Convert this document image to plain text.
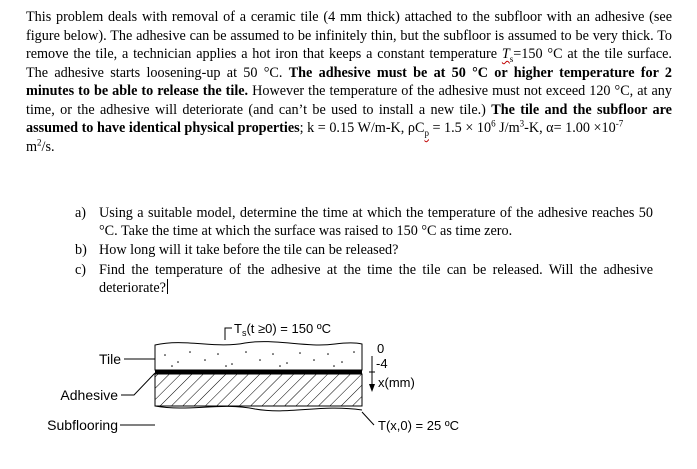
This problem deals with removal of a ceramic tile (4 mm thick) attached to the subfloor with an adhesive (see figure below). The adhesive can be assumed to be infinitely thin, but the subfloor is assumed to be very thick. To remove the tile, a technician applies a hot iron that keeps a constant temperature $T_s=150$ °C at the tile surface. The adhesive starts loosening-up at 50 °C. The adhesive must be at 50 °C or higher temperature for 2 minutes to be able to release the tile. However the temperature of the adhesive must not exceed 120 °C, at any time, or the adhesive will deteriorate (and can’t be used to install a new tile.) The tile and the subfloor are assumed to have identical physical properties; k = 0.15 W/m-K, $\rho C_p = 1.5 \times 10^6$ $J/m^3-K$, $\alpha= 1.00 \times 10^{-7}$
$m^2/s$.
a) Using a suitable model, determine the time at which the temperature of the adhesive reaches 50 °C. Take the time at which the surface was raised to 150 °C as time zero.
b) How long will it take before the tile can be released?
c) Find the temperature of the adhesive at the time the tile can be released. Will the adhesive deteriorate?
$T_s(t \ge 0) = 150$ ºC
Tile
Adhesive
Subflooring
0
-4
x(mm)
T(x,0) = 25 ºC
